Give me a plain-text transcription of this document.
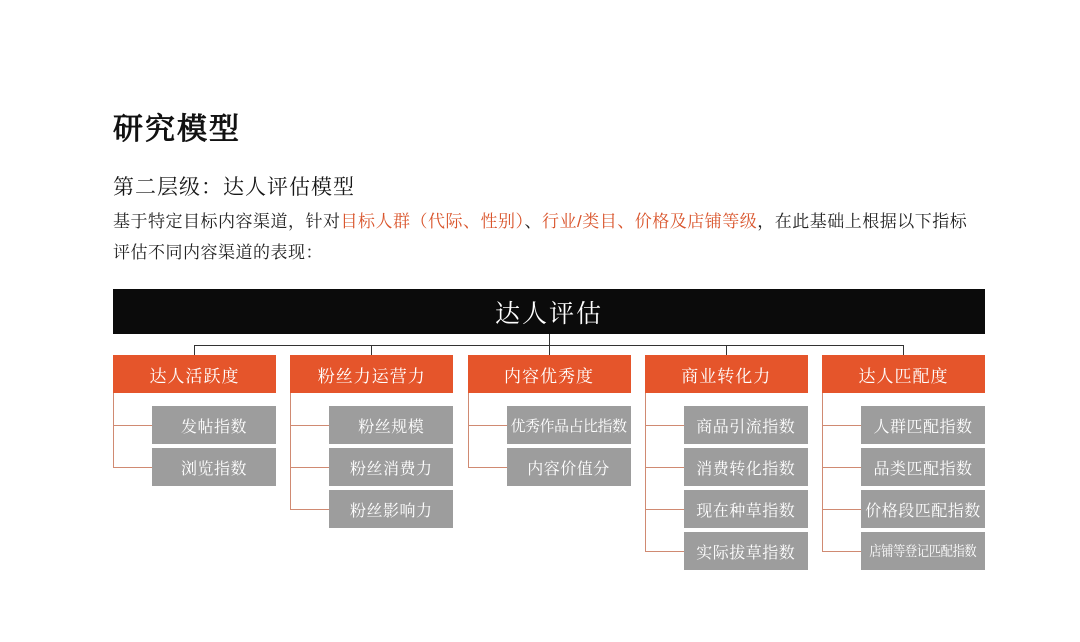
研究模型
第二层级：达人评估模型
基于特定目标内容渠道，针对目标人群（代际、性别）、行业/类目、价格及店铺等级，在此基础上根据以下指标
评估不同内容渠道的表现：
达人评估
达人活跃度
发帖指数
浏览指数
粉丝力运营力
粉丝规模
粉丝消费力
粉丝影响力
内容优秀度
优秀作品占比指数
内容价值分
商业转化力
商品引流指数
消费转化指数
现在种草指数
实际拔草指数
达人匹配度
人群匹配指数
品类匹配指数
价格段匹配指数
店铺等登记匹配指数
